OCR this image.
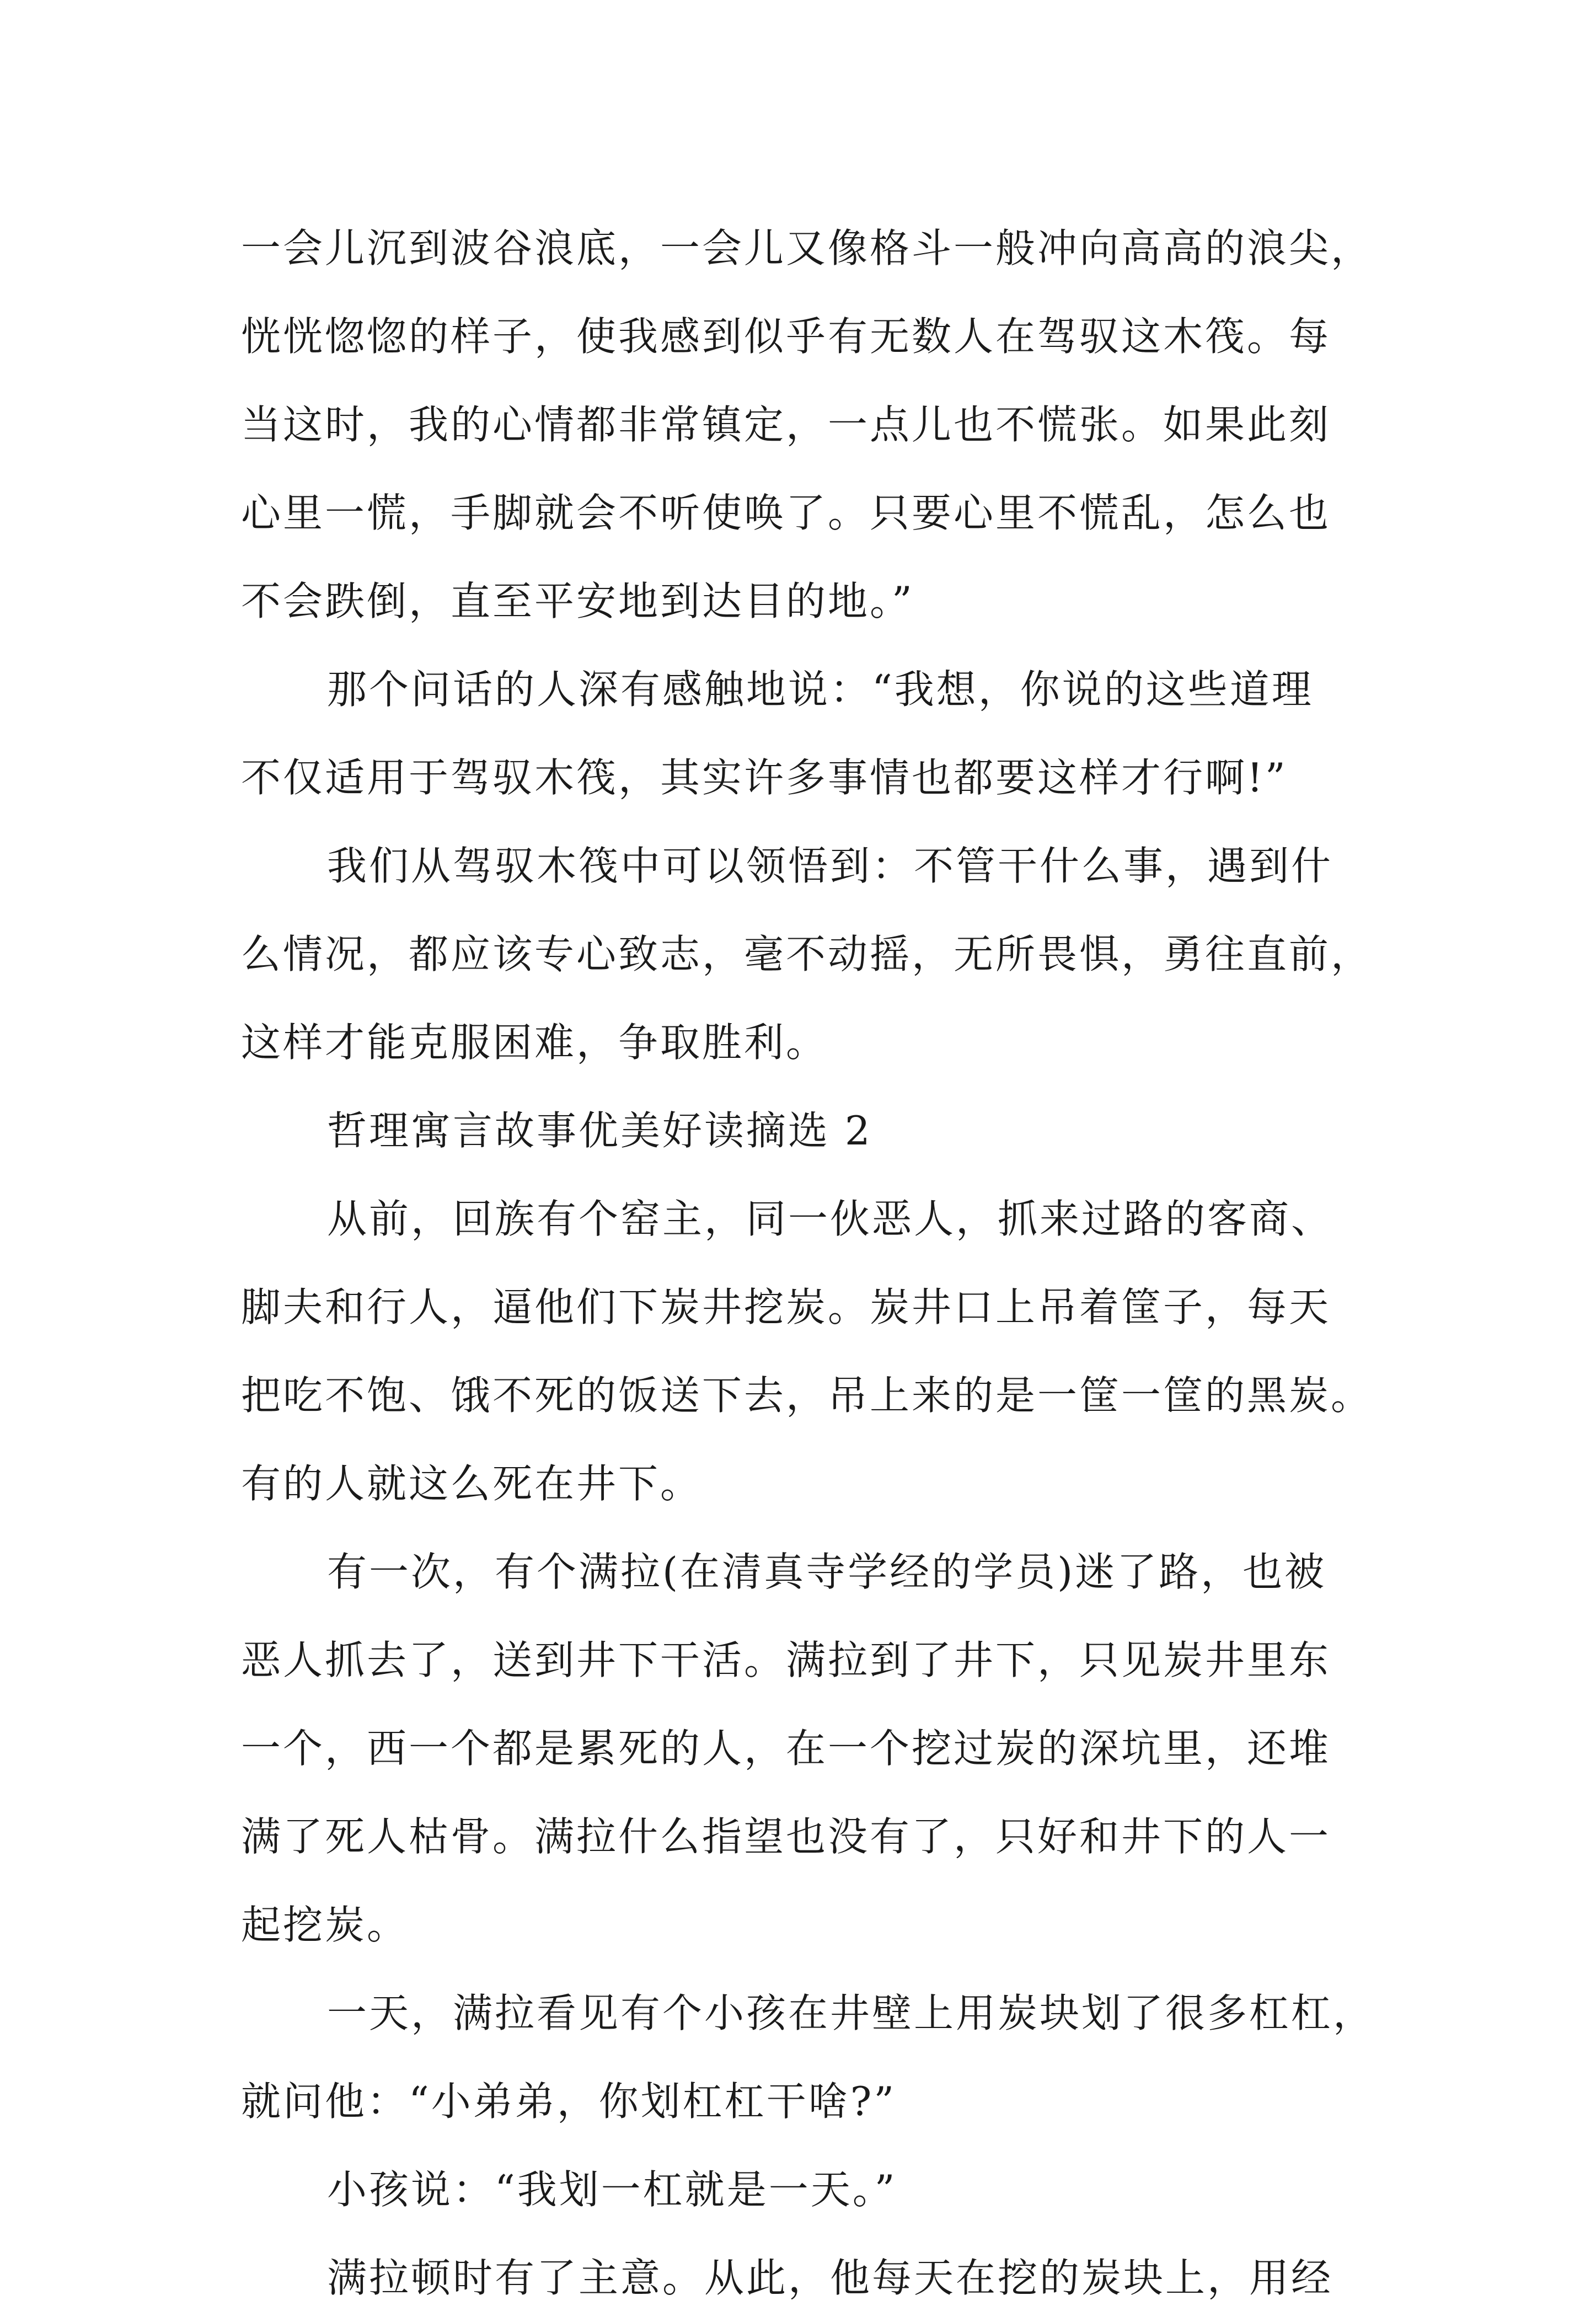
一会儿沉到波谷浪底，一会儿又像格斗一般冲向高高的浪尖，
恍恍惚惚的样子，使我感到似乎有无数人在驾驭这木筏。每
当这时，我的心情都非常镇定，一点儿也不慌张。如果此刻
心里一慌，手脚就会不听使唤了。只要心里不慌乱，怎么也
不会跌倒，直至平安地到达目的地。”
那个问话的人深有感触地说：“我想，你说的这些道理
不仅适用于驾驭木筏，其实许多事情也都要这样才行啊!”
我们从驾驭木筏中可以领悟到：不管干什么事，遇到什
么情况，都应该专心致志，毫不动摇，无所畏惧，勇往直前，
这样才能克服困难，争取胜利。
哲理寓言故事优美好读摘选 2
从前，回族有个窑主，同一伙恶人，抓来过路的客商、
脚夫和行人，逼他们下炭井挖炭。炭井口上吊着筐子，每天
把吃不饱、饿不死的饭送下去，吊上来的是一筐一筐的黑炭。
有的人就这么死在井下。
有一次，有个满拉(在清真寺学经的学员)迷了路，也被
恶人抓去了，送到井下干活。满拉到了井下，只见炭井里东
一个，西一个都是累死的人，在一个挖过炭的深坑里，还堆
满了死人枯骨。满拉什么指望也没有了，只好和井下的人一
起挖炭。
一天，满拉看见有个小孩在井壁上用炭块划了很多杠杠，
就问他：“小弟弟，你划杠杠干啥?”
小孩说：“我划一杠就是一天。”
满拉顿时有了主意。从此，他每天在挖的炭块上，用经
